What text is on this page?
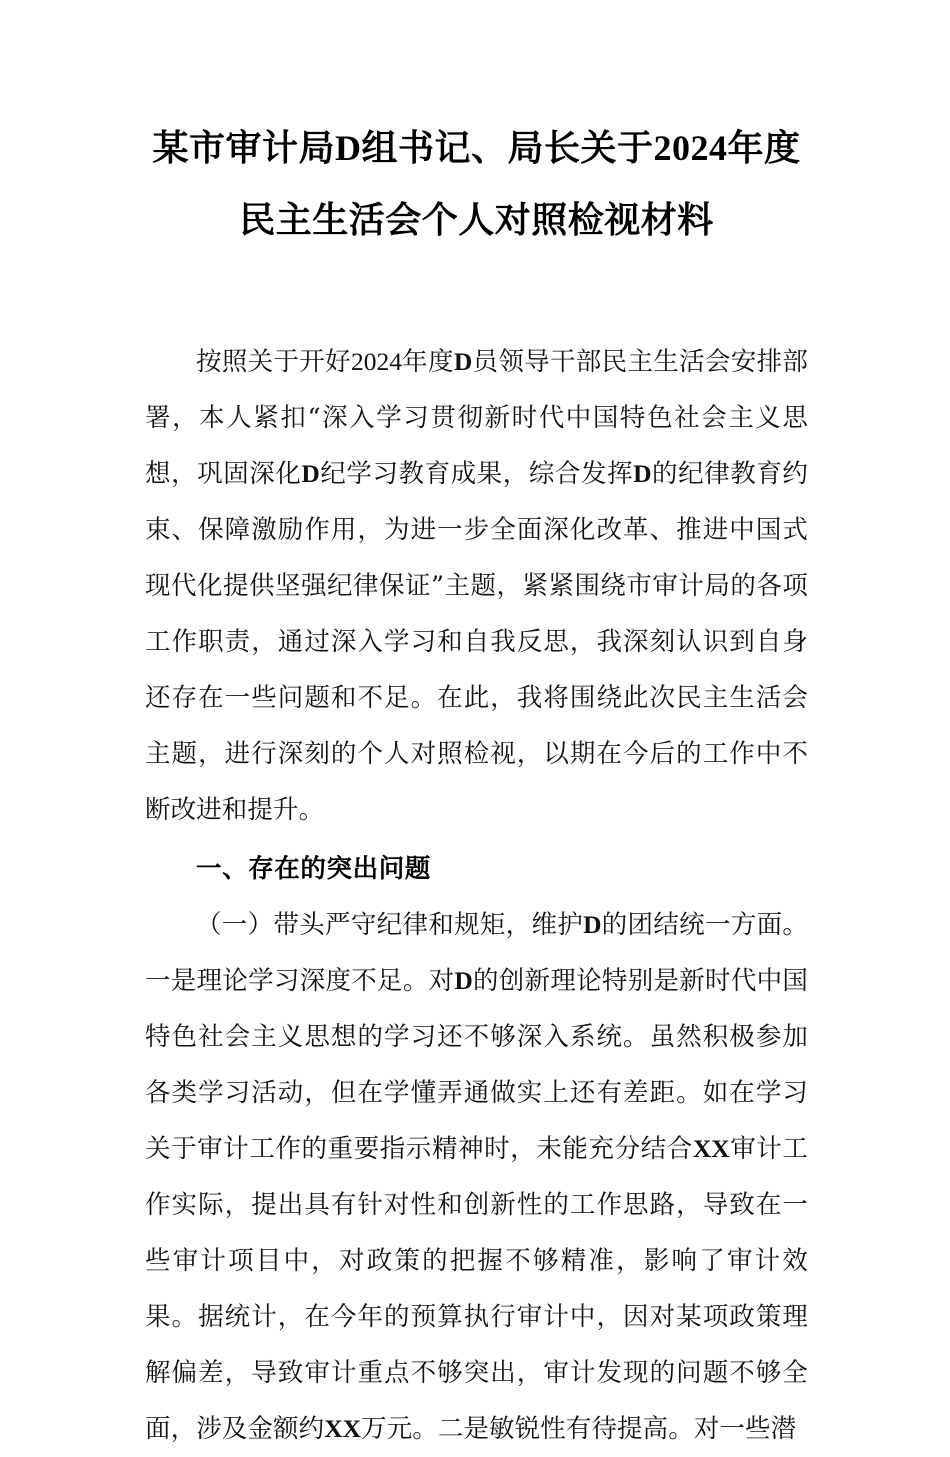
某市审计局D组书记、局长关于2024年度
民主生活会个人对照检视材料

按照关于开好2024年度D员领导干部民主生活会安排部署，本人紧扣“深入学习贯彻新时代中国特色社会主义思想，巩固深化D纪学习教育成果，综合发挥D的纪律教育约束、保障激励作用，为进一步全面深化改革、推进中国式现代化提供坚强纪律保证”主题，紧紧围绕市审计局的各项工作职责，通过深入学习和自我反思，我深刻认识到自身还存在一些问题和不足。在此，我将围绕此次民主生活会主题，进行深刻的个人对照检视，以期在今后的工作中不断改进和提升。

一、存在的突出问题

（一）带头严守纪律和规矩，维护D的团结统一方面。一是理论学习深度不足。对D的创新理论特别是新时代中国特色社会主义思想的学习还不够深入系统。虽然积极参加各类学习活动，但在学懂弄通做实上还有差距。如在学习关于审计工作的重要指示精神时，未能充分结合XX审计工作实际，提出具有针对性和创新性的工作思路，导致在一些审计项目中，对政策的把握不够精准，影响了审计效果。据统计，在今年的预算执行审计中，因对某项政策理解偏差，导致审计重点不够突出，审计发现的问题不够全面，涉及金额约XX万元。二是敏锐性有待提高。对一些潜
